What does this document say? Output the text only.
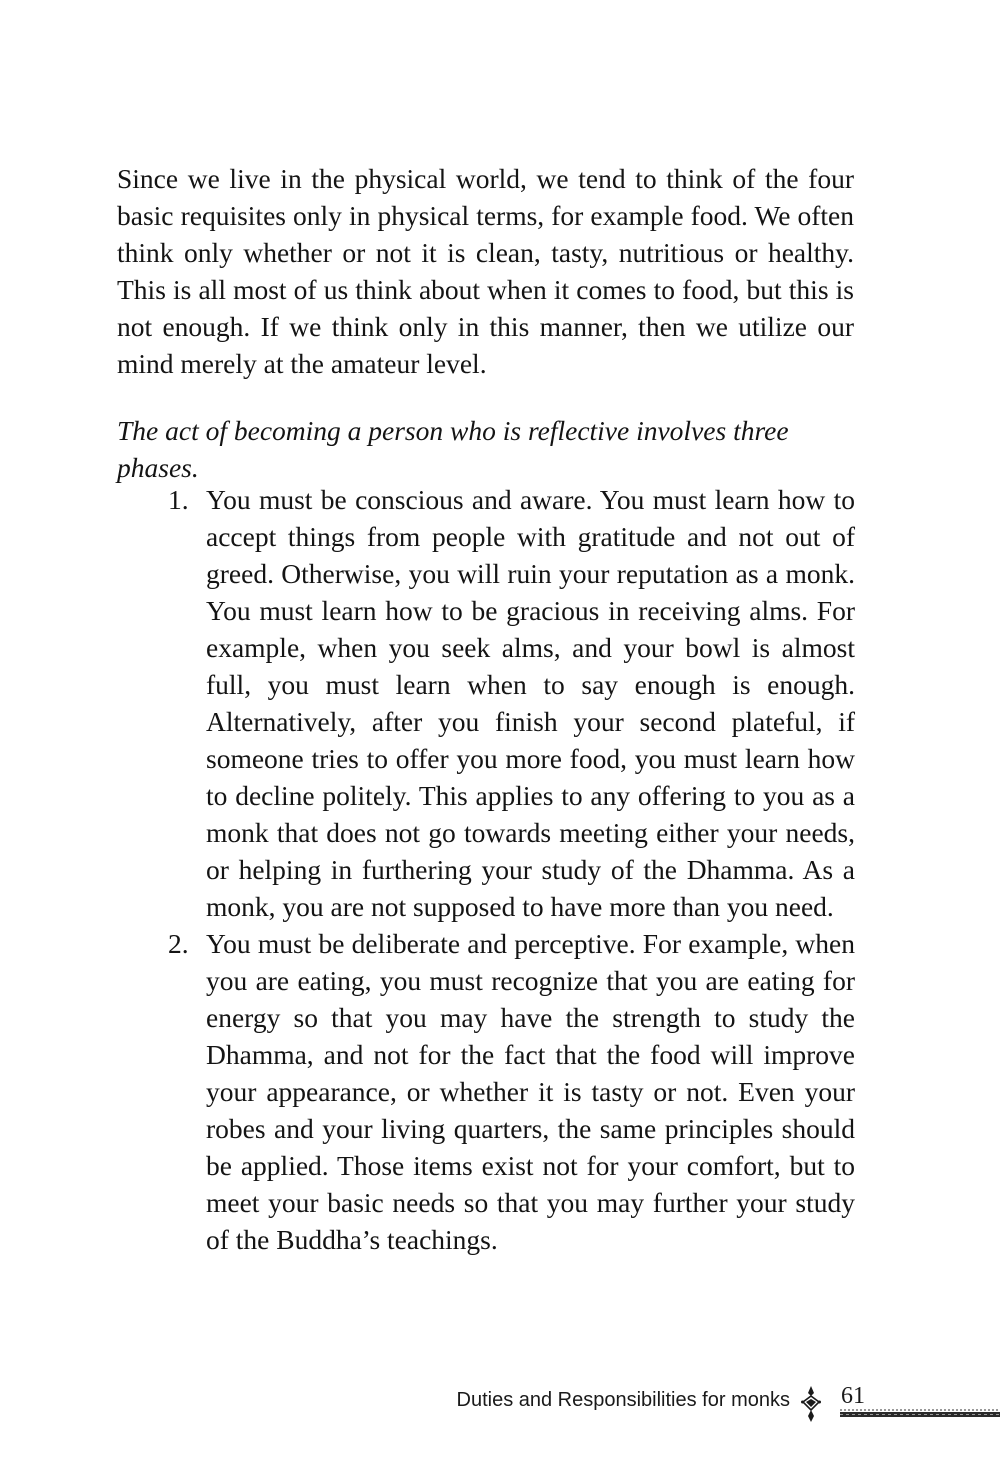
Since we live in the physical world, we tend to think of the four basic requisites only in physical terms, for example food. We often think only whether or not it is clean, tasty, nutritious or healthy. This is all most of us think about when it comes to food, but this is not enough. If we think only in this manner, then we utilize our mind merely at the amateur level.

The act of becoming a person who is reflective involves three phases.

1. You must be conscious and aware. You must learn how to accept things from people with gratitude and not out of greed. Otherwise, you will ruin your reputation as a monk. You must learn how to be gracious in receiving alms. For example, when you seek alms, and your bowl is almost full, you must learn when to say enough is enough. Alternatively, after you finish your second plateful, if someone tries to offer you more food, you must learn how to decline politely. This applies to any offering to you as a monk that does not go towards meeting either your needs, or helping in furthering your study of the Dhamma. As a monk, you are not supposed to have more than you need.
2. You must be deliberate and perceptive. For example, when you are eating, you must recognize that you are eating for energy so that you may have the strength to study the Dhamma, and not for the fact that the food will improve your appearance, or whether it is tasty or not. Even your robes and your living quarters, the same principles should be applied. Those items exist not for your comfort, but to meet your basic needs so that you may further your study of the Buddha’s teachings.
Duties and Responsibilities for monks 61
